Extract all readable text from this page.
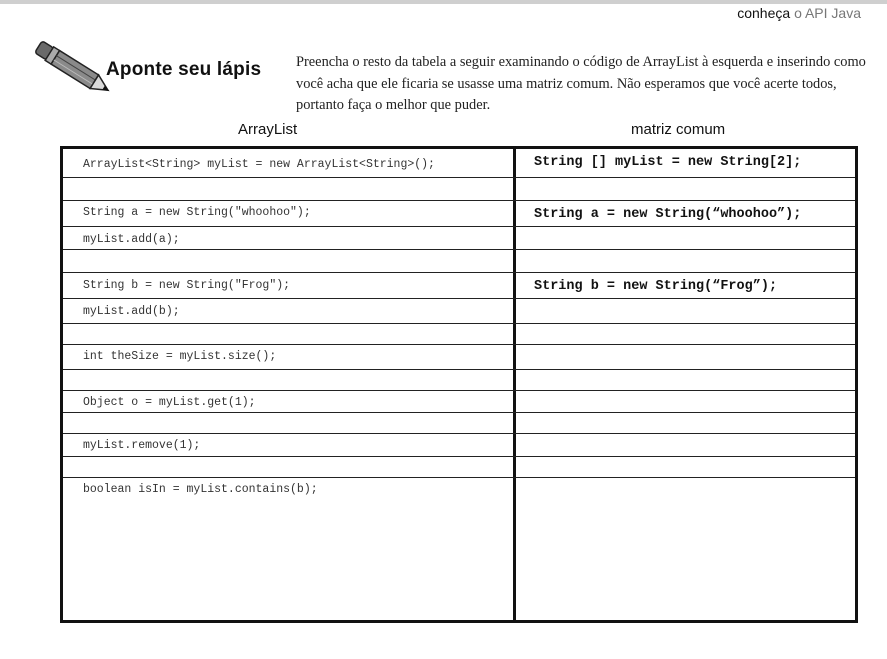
conheça o API Java
Aponte seu lápis Preencha o resto da tabela a seguir examinando o código de ArrayList à esquerda e inserindo como você acha que ele ficaria se usasse uma matriz comum. Não esperamos que você acerte todos, portanto faça o melhor que puder.
ArrayList	matriz comum
ArrayList<String> myList = new ArrayList<String>();	String [] myList = new String[2];
String a = new String("whoohoo");	String a = new String(“whoohoo”);
myList.add(a);
String b = new String("Frog");	String b = new String(“Frog”);
myList.add(b);
int theSize = myList.size();
Object o = myList.get(1);
myList.remove(1);
boolean isIn = myList.contains(b);
